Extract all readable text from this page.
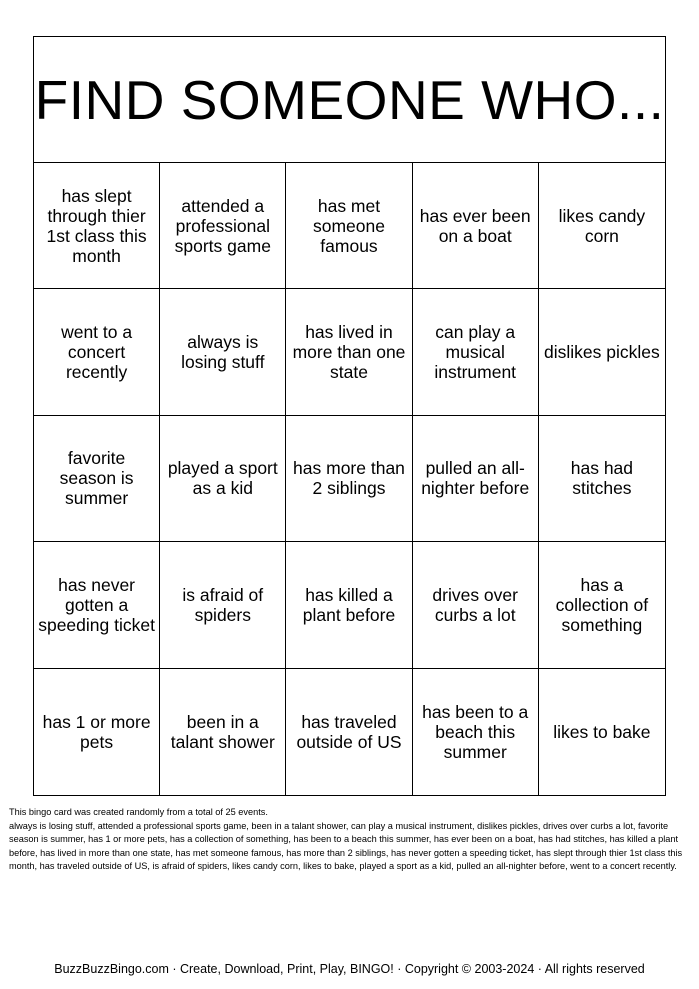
FIND SOMEONE WHO...
has slept through thier 1st class this month
attended a professional sports game
has met someone famous
has ever been on a boat
likes candy corn
went to a concert recently
always is losing stuff
has lived in more than one state
can play a musical instrument
dislikes pickles
favorite season is summer
played a sport as a kid
has more than 2 siblings
pulled an all-nighter before
has had stitches
has never gotten a speeding ticket
is afraid of spiders
has killed a plant before
drives over curbs a lot
has a collection of something
has 1 or more pets
been in a talant shower
has traveled outside of US
has been to a beach this summer
likes to bake

This bingo card was created randomly from a total of 25 events.

always is losing stuff, attended a professional sports game, been in a talant shower, can play a musical instrument, dislikes pickles, drives over curbs a lot, favorite season is summer, has 1 or more pets, has a collection of something, has been to a beach this summer, has ever been on a boat, has had stitches, has killed a plant before, has lived in more than one state, has met someone famous, has more than 2 siblings, has never gotten a speeding ticket, has slept through thier 1st class this month, has traveled outside of US, is afraid of spiders, likes candy corn, likes to bake, played a sport as a kid, pulled an all-nighter before, went to a concert recently.

BuzzBuzzBingo.com · Create, Download, Print, Play, BINGO! · Copyright © 2003-2024 · All rights reserved
